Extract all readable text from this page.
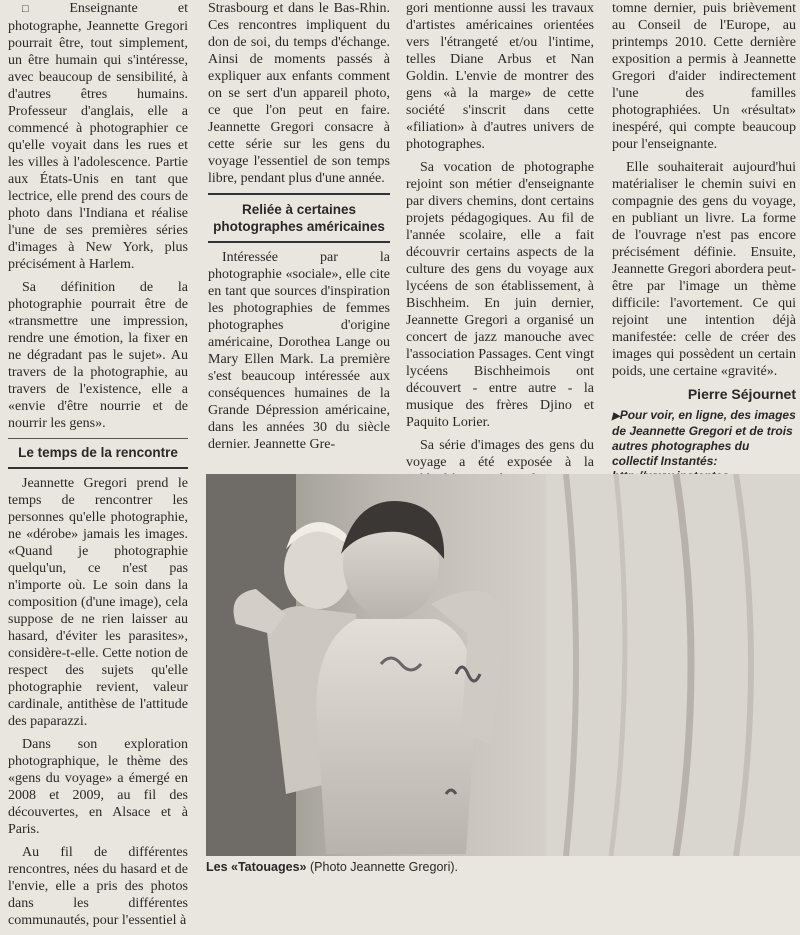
□ Enseignante et photographe, Jeannette Gregori pourrait être, tout simplement, un être humain qui s'intéresse, avec beaucoup de sensibilité, à d'autres êtres humains. Professeur d'anglais, elle a commencé à photographier ce qu'elle voyait dans les rues et les villes à l'adolescence. Partie aux États-Unis en tant que lectrice, elle prend des cours de photo dans l'Indiana et réalise l'une de ses premières séries d'images à New York, plus précisément à Harlem.

Sa définition de la photographie pourrait être de «transmettre une impression, rendre une émotion, la fixer en ne dégradant pas le sujet». Au travers de la photographie, au travers de l'existence, elle a «envie d'être nourrie et de nourrir les gens».

Le temps de la rencontre

Jeannette Gregori prend le temps de rencontrer les personnes qu'elle photographie, ne «dérobe» jamais les images. «Quand je photographie quelqu'un, ce n'est pas n'importe où. Le soin dans la composition (d'une image), cela suppose de ne rien laisser au hasard, d'éviter les parasites», considère-t-elle. Cette notion de respect des sujets qu'elle photographie revient, valeur cardinale, antithèse de l'attitude des paparazzi.

Dans son exploration photographique, le thème des «gens du voyage» a émergé en 2008 et 2009, au fil des découvertes, en Alsace et à Paris.

Au fil de différentes rencontres, nées du hasard et de l'envie, elle a pris des photos dans les différentes communautés, pour l'essentiel à

Strasbourg et dans le Bas-Rhin. Ces rencontres impliquent du don de soi, du temps d'échange. Ainsi de moments passés à expliquer aux enfants comment on se sert d'un appareil photo, ce que l'on peut en faire. Jeannette Gregori consacre à cette série sur les gens du voyage l'essentiel de son temps libre, pendant plus d'une année.

Reliée à certaines photographes américaines

Intéressée par la photographie «sociale», elle cite en tant que sources d'inspiration les photographies de femmes photographes d'origine américaine, Dorothea Lange ou Mary Ellen Mark. La première s'est beaucoup intéressée aux conséquences humaines de la Grande Dépression américaine, dans les années 30 du siècle dernier. Jeannette Gre-

gori mentionne aussi les travaux d'artistes américaines orientées vers l'étrangeté et/ou l'intime, telles Diane Arbus et Nan Goldin. L'envie de montrer des gens «à la marge» de cette société s'inscrit dans cette «filiation» à d'autres univers de photographes.

Sa vocation de photographe rejoint son métier d'enseignante par divers chemins, dont certains projets pédagogiques. Au fil de l'année scolaire, elle a fait découvrir certains aspects de la culture des gens du voyage aux lycéens de son établissement, à Bischheim. En juin dernier, Jeannette Gregori a organisé un concert de jazz manouche avec l'association Passages. Cent vingt lycéens Bischheimois ont découvert - entre autre - la musique des frères Djino et Paquito Lorier.

Sa série d'images des gens du voyage a été exposée à la

tomne dernier, puis brièvement au Conseil de l'Europe, au printemps 2010. Cette dernière exposition a permis à Jeannette Gregori d'aider indirectement l'une des familles photographiées. Un «résultat» inespéré, qui compte beaucoup pour l'enseignante.

Elle souhaiterait aujourd'hui matérialiser le chemin suivi en compagnie des gens du voyage, en publiant un livre. La forme de l'ouvrage n'est pas encore précisément définie. Ensuite, Jeannette Gregori abordera peut-être par l'image un thème difficile: l'avortement. Ce qui rejoint une intention déjà manifestée: celle de créer des images qui possèdent un certain poids, une certaine «gravité».

Pierre Séjournet
▶ Pour voir, en ligne, des images de Jeannette Gregori et de trois autres photographes du collectif Instantés:
Les «Tatouages» (Photo Jeannette Gregori).
